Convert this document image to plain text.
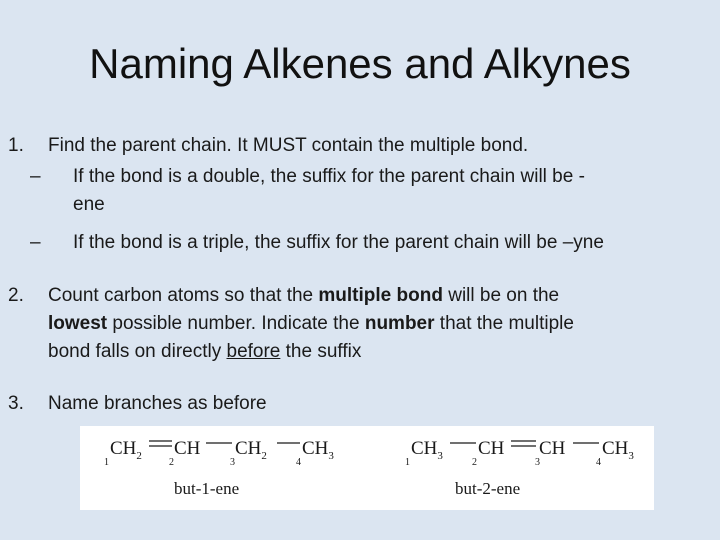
Naming Alkenes and Alkynes
1. Find the parent chain. It MUST contain the multiple bond.
– If the bond is a double, the suffix for the parent chain will be -
ene
– If the bond is a triple, the suffix for the parent chain will be –yne
2. Count carbon atoms so that the multiple bond will be on the
lowest possible number. Indicate the number that the multiple
bond falls on directly before the suffix
3. Name branches as before
$CH_2$ CH $CH_2$ $CH_3$
1	2	3	4
but-1-ene
$CH_3$ CH CH $CH_3$
1	2	3	4
but-2-ene
